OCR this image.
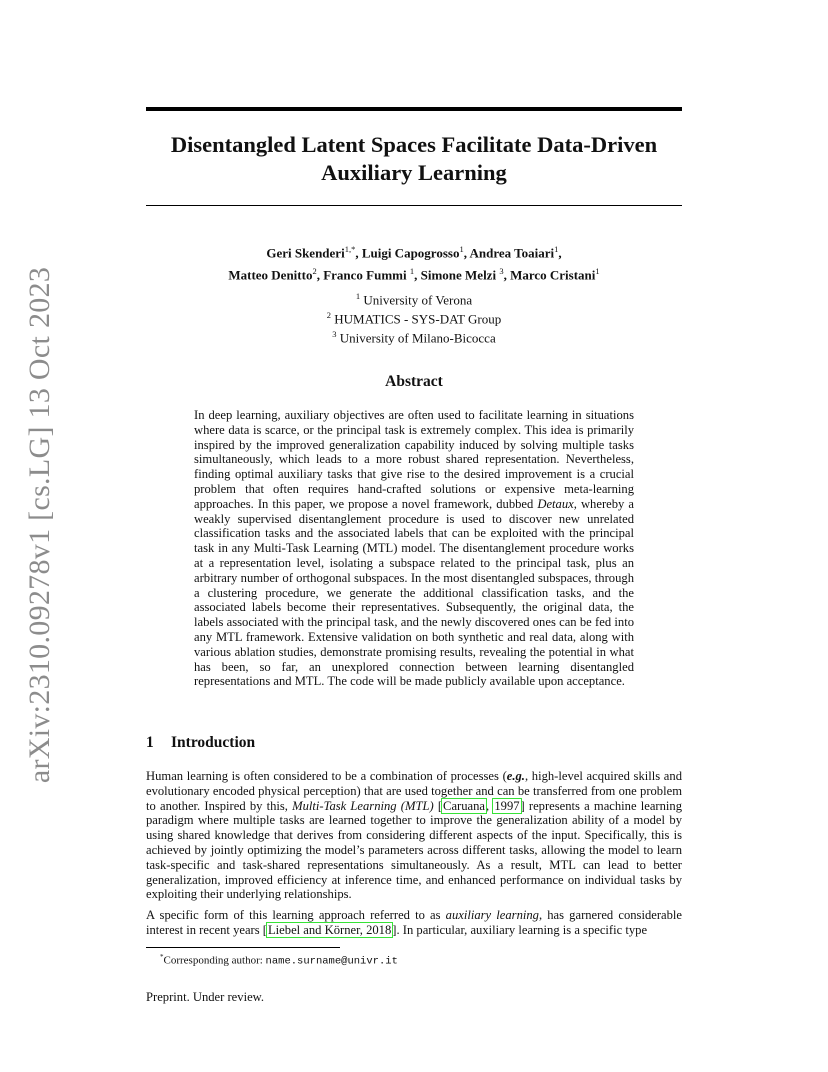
arXiv:2310.09278v1 [cs.LG] 13 Oct 2023
Disentangled Latent Spaces Facilitate Data-Driven Auxiliary Learning
Geri Skenderi$^{1,*}$, Luigi Capogrosso$^1$, Andrea Toaiari$^1$,
Matteo Denitto$^2$, Franco Fummi $^1$, Simone Melzi $^3$, Marco Cristani$^1$
$^1$ University of Verona
$^2$ HUMATICS - SYS-DAT Group
$^3$ University of Milano-Bicocca
Abstract

In deep learning, auxiliary objectives are often used to facilitate learning in situations where data is scarce, or the principal task is extremely complex. This idea is primarily inspired by the improved generalization capability induced by solving multiple tasks simultaneously, which leads to a more robust shared representation. Nevertheless, finding optimal auxiliary tasks that give rise to the desired improvement is a crucial problem that often requires hand-crafted solutions or expensive meta-learning approaches. In this paper, we propose a novel framework, dubbed Detaux, whereby a weakly supervised disentanglement procedure is used to discover new unrelated classification tasks and the associated labels that can be exploited with the principal task in any Multi-Task Learning (MTL) model. The disentanglement procedure works at a representation level, isolating a subspace related to the principal task, plus an arbitrary number of orthogonal subspaces. In the most disentangled subspaces, through a clustering procedure, we generate the additional classification tasks, and the associated labels become their representatives. Subsequently, the original data, the labels associated with the principal task, and the newly discovered ones can be fed into any MTL framework. Extensive validation on both synthetic and real data, along with various ablation studies, demonstrate promising results, revealing the potential in what has been, so far, an unexplored connection between learning disentangled representations and MTL. The code will be made publicly available upon acceptance.

1 Introduction

Human learning is often considered to be a combination of processes (e.g., high-level acquired skills and evolutionary encoded physical perception) that are used together and can be transferred from one problem to another. Inspired by this, Multi-Task Learning (MTL) [Caruana, 1997] represents a machine learning paradigm where multiple tasks are learned together to improve the generalization ability of a model by using shared knowledge that derives from considering different aspects of the input. Specifically, this is achieved by jointly optimizing the model’s parameters across different tasks, allowing the model to learn task-specific and task-shared representations simultaneously. As a result, MTL can lead to better generalization, improved efficiency at inference time, and enhanced performance on individual tasks by exploiting their underlying relationships.

A specific form of this learning approach referred to as auxiliary learning, has garnered considerable interest in recent years [Liebel and Körner, 2018]. In particular, auxiliary learning is a specific type

*Corresponding author: name.surname@univr.it
Preprint. Under review.
